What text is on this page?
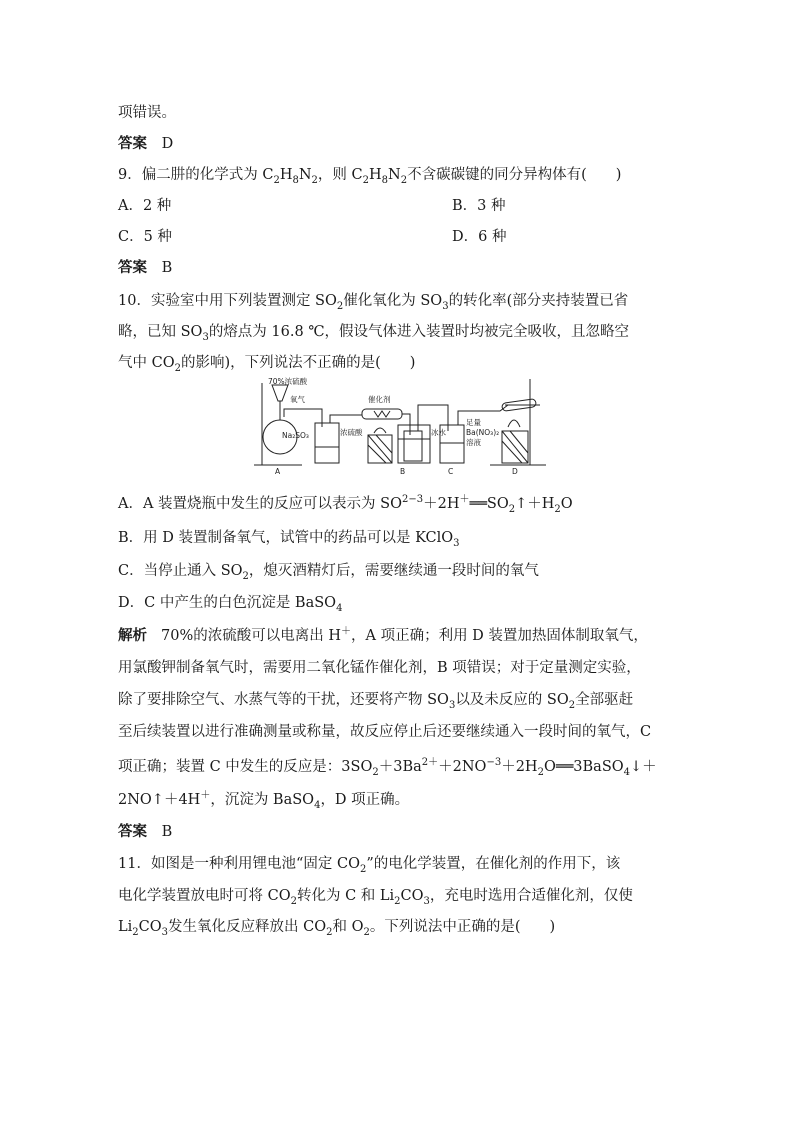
项错误。
答案 D
9．偏二肼的化学式为 $C_2H_8N_2$，则 $C_2H_8N_2$不含碳碳键的同分异构体有(　　)
A．2 种	B．3 种
C．5 种	D．6 种
答案 B
10．实验室中用下列装置测定 $SO_2$催化氧化为 $SO_3$的转化率(部分夹持装置已省
略，已知 $SO_3$的熔点为 16.8 ℃，假设气体进入装置时均被完全吸收，且忽略空
气中 $CO_2$的影响)，下列说法不正确的是(　　)
70%浓硫酸
氧气	催化剂
Na₂SO₃	浓硫酸	冰水
足量
Ba(NO₃)₂
溶液
A	B	C	D
A．A 装置烧瓶中发生的反应可以表示为 $SO^{2-3}+2H^+══SO_2↑+H_2O$
B．用 D 装置制备氧气，试管中的药品可以是 KClO$_3$
C．当停止通入 $SO_2$，熄灭酒精灯后，需要继续通一段时间的氧气
D．C 中产生的白色沉淀是 BaSO$_4$
解析 70%的浓硫酸可以电离出 H＋，A 项正确；利用 D 装置加热固体制取氧气，
用氯酸钾制备氧气时，需要用二氧化锰作催化剂，B 项错误；对于定量测定实验，
除了要排除空气、水蒸气等的干扰，还要将产物 $SO_3$以及未反应的 $SO_2$全部驱赶
至后续装置以进行准确测量或称量，故反应停止后还要继续通入一段时间的氧气，C
项正确；装置 C 中发生的反应是：$3SO_2+3Ba^{2+}+2NO^{-3}+2H_2O══3BaSO_4↓+$
2NO↑＋4H＋，沉淀为 BaSO$_4$，D 项正确。
答案 B
11．如图是一种利用锂电池“固定 $CO_2$”的电化学装置，在催化剂的作用下，该
电化学装置放电时可将 $CO_2$转化为 C 和 $Li_2CO_3$，充电时选用合适催化剂，仅使
$Li_2CO_3$发生氧化反应释放出 $CO_2$和 $O_2$。下列说法中正确的是(　　)
